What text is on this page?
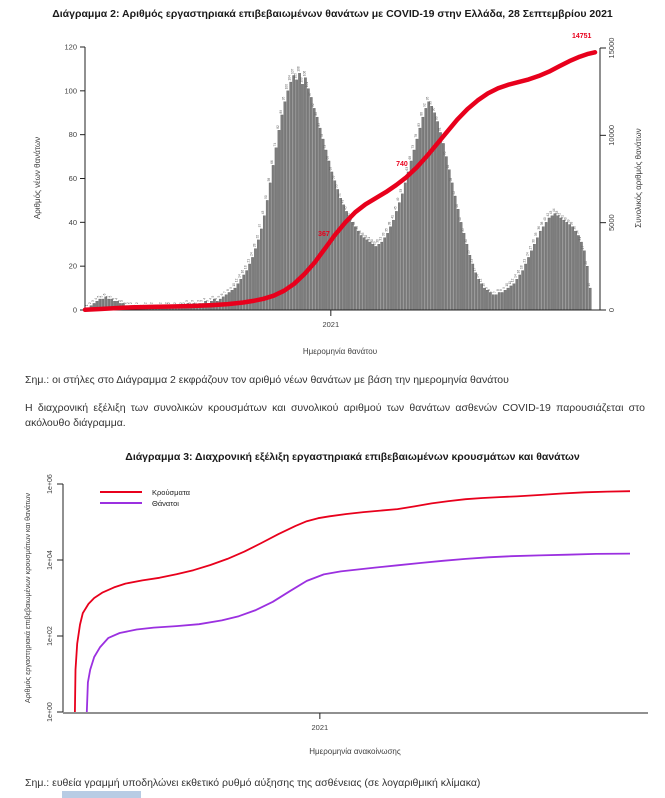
Διάγραμμα 2: Αριθμός εργαστηριακά επιβεβαιωμένων θανάτων με COVID-19 στην Ελλάδα, 28 Σεπτεμβρίου 2021
1
2
3
4
5
5
6
5
5
4
4
3
3
2
2
2
1
2
1
1
2
1
2
1
1
2
1
2
2
1
2
1
2
2
3
2
3
2
3
3
4
3
4
5
4
5
6
7
8
9
10
12
14
16
18
21
24
28
32
37
43
50
58
66
74
82
89
95
100
104
107
105
108
103
106
101
97
92
88
83
78
73
68
63
59
55
51
48
45
42
40
38
36
34
33
32
31
30
29
30
31
33
35
38
41
45
49
53
58
63
68
73
78
83
88
92
95
93
90
86
81
76
70
64
58
52
46
40
35
30
25
21
17
14
12
10
9
8
7
7
8
8
9
10
11
12
14
16
18
21
24
27
30
33
36
38
40
42
43
44
43
42
41
40
39
38
36
34
31
27
20
10
0
20
40
60
80
100
120
Αριθμός νέων θανάτων
2021
Ημερομηνία θανάτου
0
5000
10000
15000
Συνολικός αριθμός θανάτων
367
740
14751

Σημ.: οι στήλες στο Διάγραμμα 2 εκφράζουν τον αριθμό νέων θανάτων με βάση την ημερομηνία θανάτου

Η διαχρονική εξέλιξη των συνολικών κρουσμάτων και συνολικού αριθμού των θανάτων ασθενών COVID-19 παρουσιάζεται στο ακόλουθο διάγραμμα.

Διάγραμμα 3: Διαχρονική εξέλιξη εργαστηριακά επιβεβαιωμένων κρουσμάτων και θανάτων
1e+00
1e+02
1e+04
1e+06
Αριθμός εργαστηριακά επιβεβαιωμένων κρουσμάτων και θανάτων
2021
Ημερομηνία ανακοίνωσης
Κρούσματα
Θάνατοι

Σημ.: ευθεία γραμμή υποδηλώνει εκθετικό ρυθμό αύξησης της ασθένειας (σε λογαριθμική κλίμακα)
